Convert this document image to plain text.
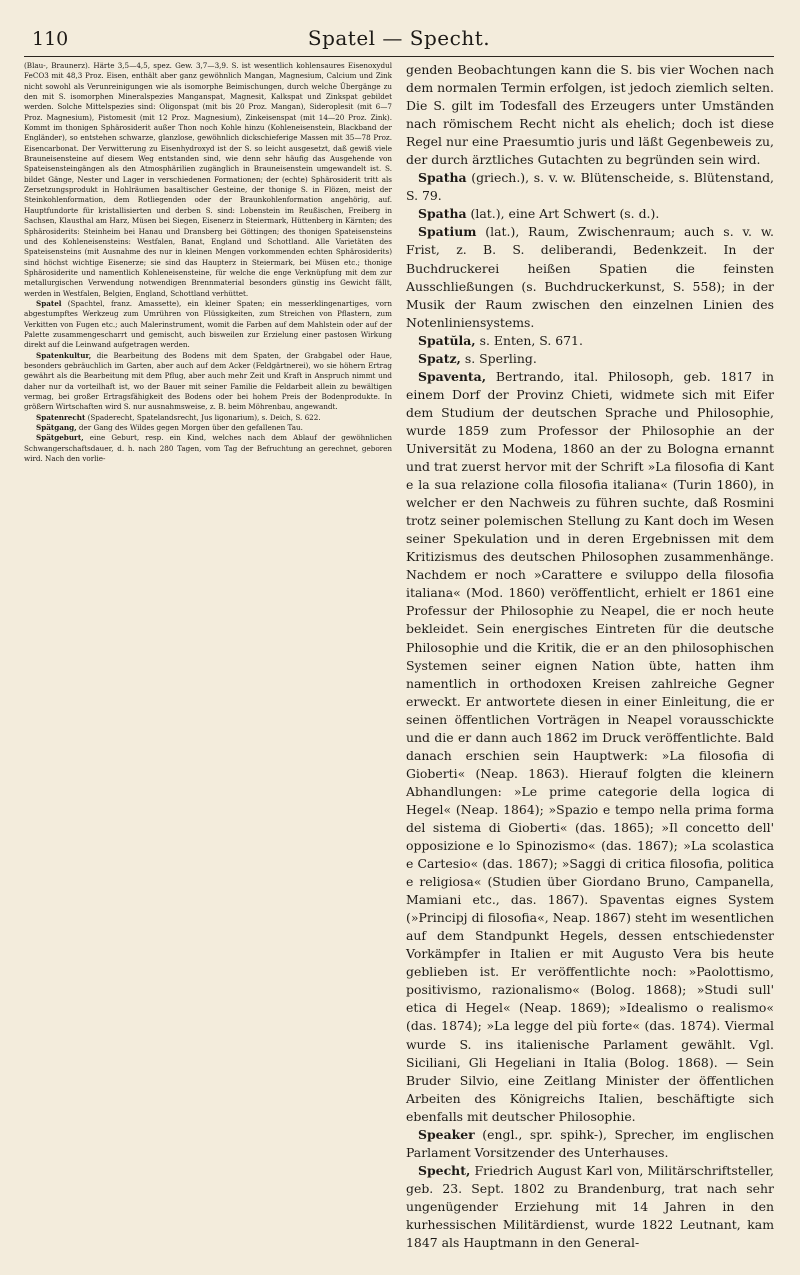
110	Spatel — Specht.

(Blau-, Braunerz). Härte 3,5—4,5, spez. Gew. 3,7—3,9. S. ist wesentlich kohlensaures Eisenoxydul FeCO3 mit 48,3 Proz. Eisen, enthält aber ganz gewöhnlich Mangan, Magnesium, Calcium und Zink nicht sowohl als Verunreinigungen wie als isomorphe Beimischungen, durch welche Übergänge zu den mit S. isomorphen Mineralspezies Manganspat, Magnesit, Kalkspat und Zinkspat gebildet werden. Solche Mittelspezies sind: Oligonspat (mit bis 20 Proz. Mangan), Sideroplesit (mit 6—7 Proz. Magnesium), Pistomesit (mit 12 Proz. Magnesium), Zinkeisenspat (mit 14—20 Proz. Zink). Kommt im thonigen Sphärosiderit außer Thon noch Kohle hinzu (Kohleneisenstein, Blackband der Engländer), so entstehen schwarze, glanzlose, gewöhnlich dickschieferige Massen mit 35—78 Proz. Eisencarbonat. Der Verwitterung zu Eisenhydroxyd ist der S. so leicht ausgesetzt, daß gewiß viele Brauneisensteine auf diesem Weg entstanden sind, wie denn sehr häufig das Ausgehende von Spateisensteingängen als den Atmosphärilien zugänglich in Brauneisenstein umgewandelt ist. S. bildet Gänge, Nester und Lager in verschiedenen Formationen; der (echte) Sphärosiderit tritt als Zersetzungsprodukt in Hohlräumen basaltischer Gesteine, der thonige S. in Flözen, meist der Steinkohlenformation, dem Rotliegenden oder der Braunkohlenformation angehörig, auf. Hauptfundorte für kristallisierten und derben S. sind: Lobenstein im Reußischen, Freiberg in Sachsen, Klausthal am Harz, Müsen bei Siegen, Eisenerz in Steiermark, Hüttenberg in Kärnten; des Sphärosiderits: Steinheim bei Hanau und Dransberg bei Göttingen; des thonigen Spateisensteins und des Kohleneisensteins: Westfalen, Banat, England und Schottland. Alle Varietäten des Spateisensteins (mit Ausnahme des nur in kleinen Mengen vorkommenden echten Sphärosiderits) sind höchst wichtige Eisenerze; sie sind das Haupterz in Steiermark, bei Müsen etc.; thonige Sphärosiderite und namentlich Kohleneisensteine, für welche die enge Verknüpfung mit dem zur metallurgischen Verwendung notwendigen Brennmaterial besonders günstig ins Gewicht fällt, werden in Westfalen, Belgien, England, Schottland verhüttet.

Spatel (Spachtel, franz. Amassette), ein kleiner Spaten; ein messerklingenartiges, vorn abgestumpftes Werkzeug zum Umrühren von Flüssigkeiten, zum Streichen von Pflastern, zum Verkitten von Fugen etc.; auch Malerinstrument, womit die Farben auf dem Mahlstein oder auf der Palette zusammengescharrt und gemischt, auch bisweilen zur Erzielung einer pastosen Wirkung direkt auf die Leinwand aufgetragen werden.

Spatenkultur, die Bearbeitung des Bodens mit dem Spaten, der Grabgabel oder Haue, besonders gebräuchlich im Garten, aber auch auf dem Acker (Feldgärtnerei), wo sie höhern Ertrag gewährt als die Bearbeitung mit dem Pflug, aber auch mehr Zeit und Kraft in Anspruch nimmt und daher nur da vorteilhaft ist, wo der Bauer mit seiner Familie die Feldarbeit allein zu bewältigen vermag, bei großer Ertragsfähigkeit des Bodens oder bei hohem Preis der Bodenprodukte. In größern Wirtschaften wird S. nur ausnahmsweise, z. B. beim Möhrenbau, angewandt.

Spatenrecht (Spaderecht, Spatelandsrecht, Jus ligonarium), s. Deich, S. 622.

Spätgang, der Gang des Wildes gegen Morgen über den gefallenen Tau.

Spätgeburt, eine Geburt, resp. ein Kind, welches nach dem Ablauf der gewöhnlichen Schwangerschaftsdauer, d. h. nach 280 Tagen, vom Tag der Befruchtung an gerechnet, geboren wird. Nach den vorlie-

genden Beobachtungen kann die S. bis vier Wochen nach dem normalen Termin erfolgen, ist jedoch ziemlich selten. Die S. gilt im Todesfall des Erzeugers unter Umständen nach römischem Recht nicht als ehelich; doch ist diese Regel nur eine Praesumtio juris und läßt Gegenbeweis zu, der durch ärztliches Gutachten zu begründen sein wird.

Spatha (griech.), s. v. w. Blütenscheide, s. Blütenstand, S. 79.

Spatha (lat.), eine Art Schwert (s. d.).

Spatium (lat.), Raum, Zwischenraum; auch s. v. w. Frist, z. B. S. deliberandi, Bedenkzeit. In der Buchdruckerei heißen Spatien die feinsten Ausschließungen (s. Buchdruckerkunst, S. 558); in der Musik der Raum zwischen den einzelnen Linien des Notenliniensystems.

Spatŭla, s. Enten, S. 671.

Spatz, s. Sperling.

Spaventa, Bertrando, ital. Philosoph, geb. 1817 in einem Dorf der Provinz Chieti, widmete sich mit Eifer dem Studium der deutschen Sprache und Philosophie, wurde 1859 zum Professor der Philosophie an der Universität zu Modena, 1860 an der zu Bologna ernannt und trat zuerst hervor mit der Schrift »La filosofia di Kant e la sua relazione colla filosofia italiana« (Turin 1860), in welcher er den Nachweis zu führen suchte, daß Rosmini trotz seiner polemischen Stellung zu Kant doch im Wesen seiner Spekulation und in deren Ergebnissen mit dem Kritizismus des deutschen Philosophen zusammenhänge. Nachdem er noch »Carattere e sviluppo della filosofia italiana« (Mod. 1860) veröffentlicht, erhielt er 1861 eine Professur der Philosophie zu Neapel, die er noch heute bekleidet. Sein energisches Eintreten für die deutsche Philosophie und die Kritik, die er an den philosophischen Systemen seiner eignen Nation übte, hatten ihm namentlich in orthodoxen Kreisen zahlreiche Gegner erweckt. Er antwortete diesen in einer Einleitung, die er seinen öffentlichen Vorträgen in Neapel vorausschickte und die er dann auch 1862 im Druck veröffentlichte. Bald danach erschien sein Hauptwerk: »La filosofia di Gioberti« (Neap. 1863). Hierauf folgten die kleinern Abhandlungen: »Le prime categorie della logica di Hegel« (Neap. 1864); »Spazio e tempo nella prima forma del sistema di Gioberti« (das. 1865); »Il concetto dell' opposizione e lo Spinozismo« (das. 1867); »La scolastica e Cartesio« (das. 1867); »Saggi di critica filosofia, politica e religiosa« (Studien über Giordano Bruno, Campanella, Mamiani etc., das. 1867). Spaventas eignes System (»Principj di filosofia«, Neap. 1867) steht im wesentlichen auf dem Standpunkt Hegels, dessen entschiedenster Vorkämpfer in Italien er mit Augusto Vera bis heute geblieben ist. Er veröffentlichte noch: »Paolottismo, positivismo, razionalismo« (Bolog. 1868); »Studi sull' etica di Hegel« (Neap. 1869); »Idealismo o realismo« (das. 1874); »La legge del più forte« (das. 1874). Viermal wurde S. ins italienische Parlament gewählt. Vgl. Siciliani, Gli Hegeliani in Italia (Bolog. 1868). — Sein Bruder Silvio, eine Zeitlang Minister der öffentlichen Arbeiten des Königreichs Italien, beschäftigte sich ebenfalls mit deutscher Philosophie.

Speaker (engl., spr. spihk-), Sprecher, im englischen Parlament Vorsitzender des Unterhauses.

Specht, Friedrich August Karl von, Militärschriftsteller, geb. 23. Sept. 1802 zu Brandenburg, trat nach sehr ungenügender Erziehung mit 14 Jahren in den kurhessischen Militärdienst, wurde 1822 Leutnant, kam 1847 als Hauptmann in den General-
